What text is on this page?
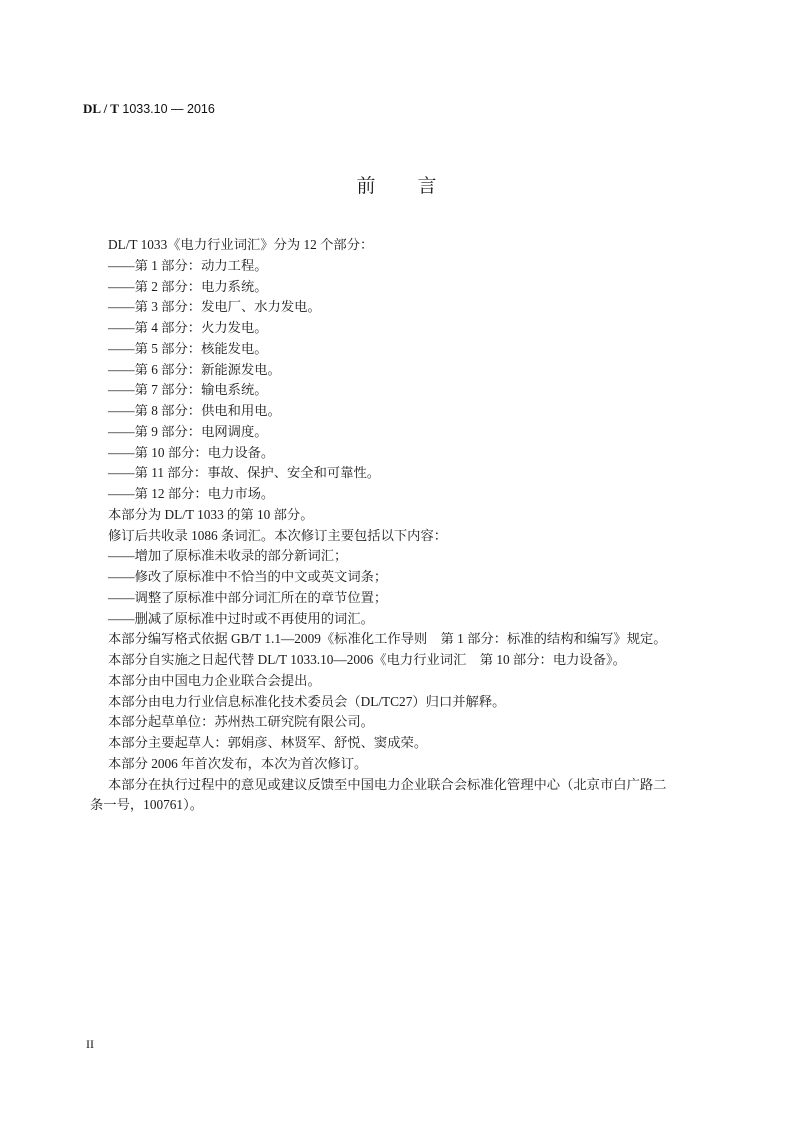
DL / T 1033.10 — 2016
前 言
DL/T 1033《电力行业词汇》分为 12 个部分：
——第 1 部分：动力工程。
——第 2 部分：电力系统。
——第 3 部分：发电厂、水力发电。
——第 4 部分：火力发电。
——第 5 部分：核能发电。
——第 6 部分：新能源发电。
——第 7 部分：输电系统。
——第 8 部分：供电和用电。
——第 9 部分：电网调度。
——第 10 部分：电力设备。
——第 11 部分：事故、保护、安全和可靠性。
——第 12 部分：电力市场。
本部分为 DL/T 1033 的第 10 部分。
修订后共收录 1086 条词汇。本次修订主要包括以下内容：
——增加了原标准未收录的部分新词汇；
——修改了原标准中不恰当的中文或英文词条；
——调整了原标准中部分词汇所在的章节位置；
——删减了原标准中过时或不再使用的词汇。
本部分编写格式依据 GB/T 1.1—2009《标准化工作导则　第 1 部分：标准的结构和编写》规定。
本部分自实施之日起代替 DL/T 1033.10—2006《电力行业词汇　第 10 部分：电力设备》。
本部分由中国电力企业联合会提出。
本部分由电力行业信息标准化技术委员会（DL/TC27）归口并解释。
本部分起草单位：苏州热工研究院有限公司。
本部分主要起草人：郭娟彦、林贤军、舒悦、窦成荣。
本部分 2006 年首次发布，本次为首次修订。
本部分在执行过程中的意见或建议反馈至中国电力企业联合会标准化管理中心（北京市白广路二
条一号，100761）。
II
